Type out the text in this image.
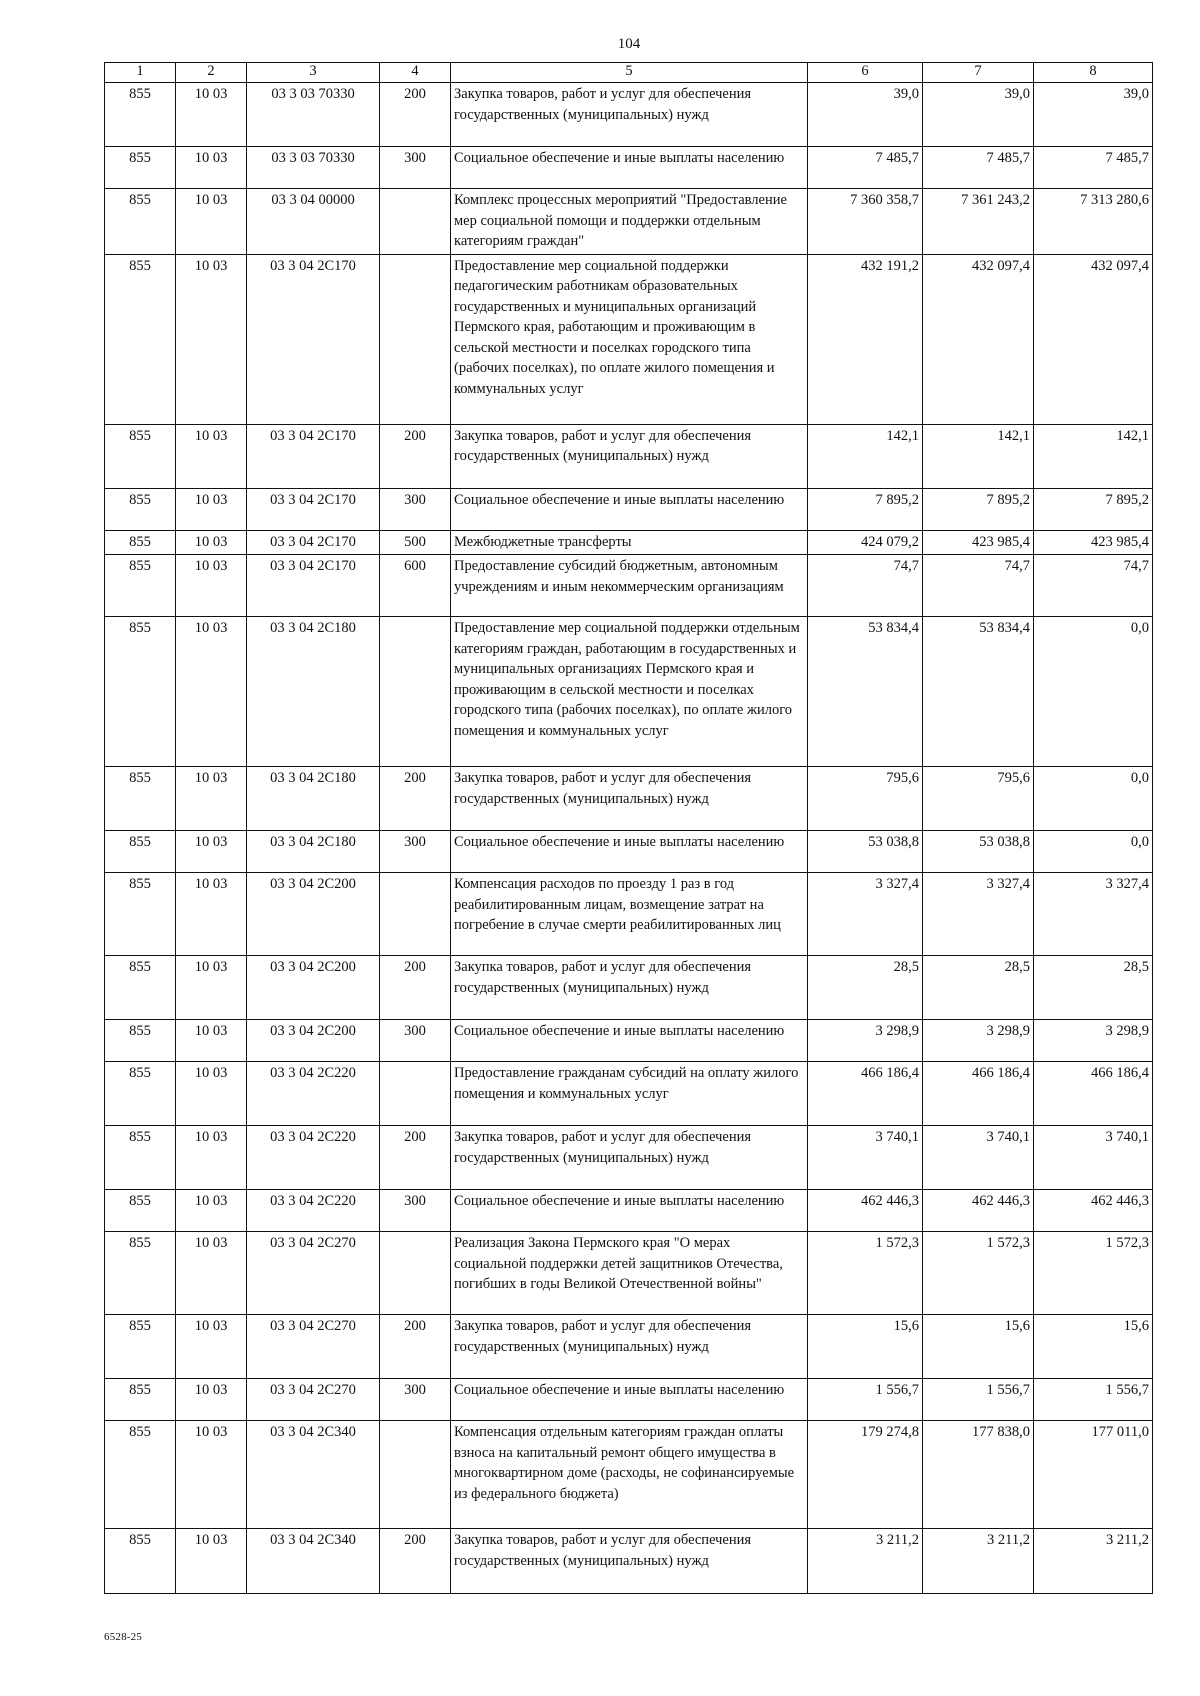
104
1	2	3	4	5	6	7	8
855	10 03	03 3 03 70330	200	Закупка товаров, работ и услуг для обеспечения государственных (муниципальных) нужд	39,0	39,0	39,0
855	10 03	03 3 03 70330	300	Социальное обеспечение и иные выплаты населению	7 485,7	7 485,7	7 485,7
855	10 03	03 3 04 00000		Комплекс процессных мероприятий "Предоставление мер социальной помощи и поддержки отдельным категориям граждан"	7 360 358,7	7 361 243,2	7 313 280,6
855	10 03	03 3 04 2С170		Предоставление мер социальной поддержки педагогическим работникам образовательных государственных и муниципальных организаций Пермского края, работающим и проживающим в сельской местности и поселках городского типа (рабочих поселках), по оплате жилого помещения и коммунальных услуг	432 191,2	432 097,4	432 097,4
855	10 03	03 3 04 2С170	200	Закупка товаров, работ и услуг для обеспечения государственных (муниципальных) нужд	142,1	142,1	142,1
855	10 03	03 3 04 2С170	300	Социальное обеспечение и иные выплаты населению	7 895,2	7 895,2	7 895,2
855	10 03	03 3 04 2С170	500	Межбюджетные трансферты	424 079,2	423 985,4	423 985,4
855	10 03	03 3 04 2С170	600	Предоставление субсидий бюджетным, автономным учреждениям и иным некоммерческим организациям	74,7	74,7	74,7
855	10 03	03 3 04 2С180		Предоставление мер социальной поддержки отдельным категориям граждан, работающим в государственных и муниципальных организациях Пермского края и проживающим в сельской местности и поселках городского типа (рабочих поселках), по оплате жилого помещения и коммунальных услуг	53 834,4	53 834,4	0,0
855	10 03	03 3 04 2С180	200	Закупка товаров, работ и услуг для обеспечения государственных (муниципальных) нужд	795,6	795,6	0,0
855	10 03	03 3 04 2С180	300	Социальное обеспечение и иные выплаты населению	53 038,8	53 038,8	0,0
855	10 03	03 3 04 2С200		Компенсация расходов по проезду 1 раз в год реабилитированным лицам, возмещение затрат на погребение в случае смерти реабилитированных лиц	3 327,4	3 327,4	3 327,4
855	10 03	03 3 04 2С200	200	Закупка товаров, работ и услуг для обеспечения государственных (муниципальных) нужд	28,5	28,5	28,5
855	10 03	03 3 04 2С200	300	Социальное обеспечение и иные выплаты населению	3 298,9	3 298,9	3 298,9
855	10 03	03 3 04 2С220		Предоставление гражданам субсидий на оплату жилого помещения и коммунальных услуг	466 186,4	466 186,4	466 186,4
855	10 03	03 3 04 2С220	200	Закупка товаров, работ и услуг для обеспечения государственных (муниципальных) нужд	3 740,1	3 740,1	3 740,1
855	10 03	03 3 04 2С220	300	Социальное обеспечение и иные выплаты населению	462 446,3	462 446,3	462 446,3
855	10 03	03 3 04 2С270		Реализация Закона Пермского края "О мерах социальной поддержки детей защитников Отечества, погибших в годы Великой Отечественной войны"	1 572,3	1 572,3	1 572,3
855	10 03	03 3 04 2С270	200	Закупка товаров, работ и услуг для обеспечения государственных (муниципальных) нужд	15,6	15,6	15,6
855	10 03	03 3 04 2С270	300	Социальное обеспечение и иные выплаты населению	1 556,7	1 556,7	1 556,7
855	10 03	03 3 04 2С340		Компенсация отдельным категориям граждан оплаты взноса на капитальный ремонт общего имущества в многоквартирном доме (расходы, не софинансируемые из федерального бюджета)	179 274,8	177 838,0	177 011,0
855	10 03	03 3 04 2С340	200	Закупка товаров, работ и услуг для обеспечения государственных (муниципальных) нужд	3 211,2	3 211,2	3 211,2
6528-25
